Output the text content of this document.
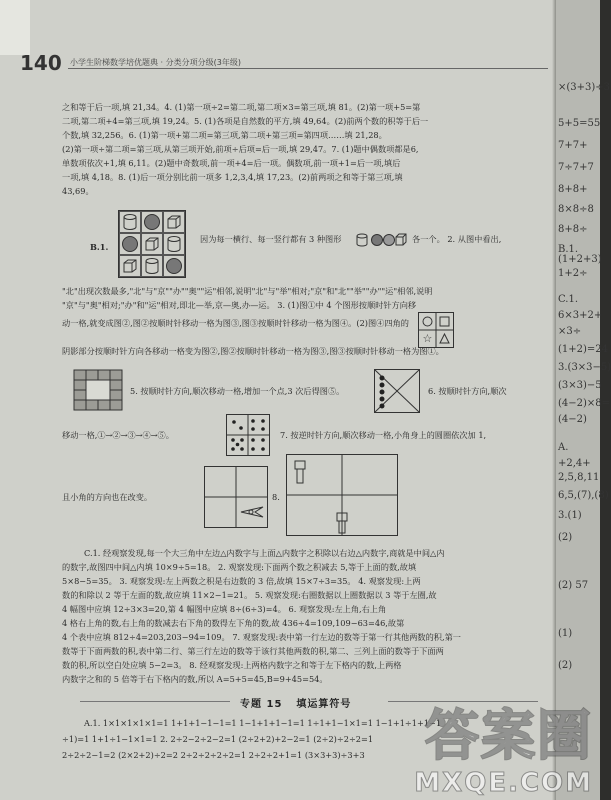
140 小学生阶梯数学培优题典 · 分类分项分级(3年级)
之和等于后一项,填 21,34。4. (1)第一项÷2=第二项,第二项×3=第三项,填 81。(2)第一项+5=第
二项,第二项+4=第三项,填 19,24。5. (1)各项是自然数的平方,填 49,64。(2)前两个数的积等于后一
个数,填 32,256。6. (1)第一项+第二项=第三项,第二项+第三项=第四项……填 21,28。
(2)第一项÷第二项=第三项,从第三项开始,前项÷后项=后一项,填 29,47。7. (1)题中偶数项都是6,
单数项依次+1,填 6,11。(2)题中奇数项,前一项+4=后一项。偶数项,前一项+1=后一项,填后
一项,填 4,18。8. (1)后一项分别比前一项多 1,2,3,4,填 17,23。(2)前两项之和等于第三项,填
43,69。
B.1.
因为每一横行、每一竖行都有 3 种图形	各一个。 2. 从图中看出,
"北"出现次数最多,"北"与"京""办""奥""运"相邻,说明"北"与"举"相对;"京"和"北""举""办""运"相邻,说明
"京"与"奥"相对;"办"和"运"相对,即北—举,京—奥,办—运。 3. (1)图①中 4 个图形按顺时针方向移
动一格,就变成图②,图②按顺时针移动一格为图③,图③按顺时针移动一格为图④。(2)图④四角的
阴影部分按顺时针方向各移动一格变为图②,图②按顺时针移动一格为图③,图③按顺时针移动一格为图①。
☆
5. 按顺时针方向,顺次移动一格,增加一个点,3 次后得图⑤。	6. 按顺时针方向,顺次
移动一格,①→②→③→④→⑤。	7. 按逆时针方向,顺次移动一格,小角身上的圆圈依次加 1,
且小角的方向也在改变。	8.
C.1. 经观察发现,每一个大三角中左边△内数字与上面△内数字之积除以右边△内数字,商就是中间△内
的数字,故图四中间△内填 10×9÷5=18。 2. 观察发现:下面两个数之积减去 5,等于上面的数,故填
5×8−5=35。 3. 观察发现:左上两数之积是右边数的 3 倍,故填 15×7÷3=35。 4. 观察发现:上两
数的和除以 2 等于左面的数,故应填 11×2−1=21。 5. 观察发现:右圈数据以上圈数据以 3 等于左圈,故
4 幅图中应填 12÷3×3=20,第 4 幅图中应填 8÷(6÷3)=4。 6. 观察发现:左上角,右上角
4 格右上角的数,右上角的数减去右下角的数得左下角的数,故 436÷4=109,109−63=46,故第
4 个表中应填 812÷4=203,203−94=109。 7. 观察发现:表中第一行左边的数等于第一行其他两数的积,第一
数等于下面两数的积,表中第二行、第三行左边的数等于该行其他两数的积,第二、三列上面的数等于下面两
数的积,所以空白处应填 5−2=3。 8. 经观察发现:上两格内数字之和等于左下格内的数,上两格
内数字之和的 5 倍等于右下格内的数,所以 A=5+5=45,B=9+45=54。
专题 15 填运算符号
A.1. 1×1×1×1×1=1 1+1+1−1−1=1 1−1+1+1−1=1 1÷1+1−1×1=1 1−1+1÷1+1−1
÷1)=1 1+1÷1−1×1=1 2. 2÷2−2÷2−2=1 (2÷2+2)+2−2=1 (2÷2)÷2÷2=1
2÷2÷2−1=2 (2×2+2)÷2=2 2÷2÷2÷2÷2=1 2÷2÷2+1=1 (3×3+3)÷3+3
×(3+3)÷3
5+5=55
7+7+
7÷7+7
8+8+
8×8÷8
8+8÷
B.1.
(1+2+3)
1+2÷
C.1.
6×3+2+
×3÷
(1+2)=24
3.(3×3−5)
(3×3)−5
(4−2)×8=
(4−2)
A.
+2,4+
2,5,8,11
6,5,(7),(8)
3.(1)
(2)
(2) 57
(1)
(2)
答案圈
MXQE.COM
